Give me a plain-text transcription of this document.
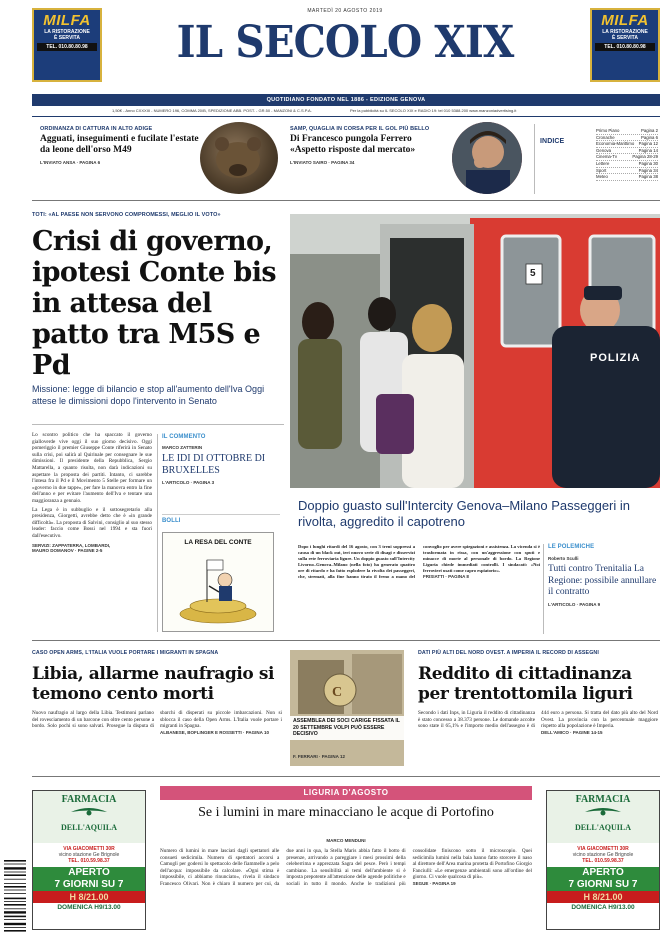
MILFA
LA RISTORAZIONE
È SERVITA
TEL. 010.80.80.98
MILFA
LA RISTORAZIONE
È SERVITA
TEL. 010.80.80.98
MARTEDÌ 20 AGOSTO 2019
IL SECOLO XIX
QUOTIDIANO FONDATO NEL 1886 - EDIZIONE GENOVA
1,50€ - Anno CXXXIII - NUMERO 196, COMMA 20/B, SPEDIZIONE ABB. POST. - GR.50 - MANZONI & C.S.P.A.	Per la pubblicità su IL SECOLO XIX e RADIO 19: tel 010 5388.200 www.manzoniadvertising.it
ORDINANZA DI CATTURA IN ALTO ADIGE
Agguati, inseguimenti e fucilate l'estate da leone dell'orso M49
L'INVIATO ANSA · PAGINA 6
SAMP, QUAGLIA IN CORSA PER IL GOL PIÙ BELLO
Di Francesco pungola Ferrero «Aspetto risposte dal mercato»
L'INVIATO SAIRO · PAGINA 34
INDICE
Primo Piano	Pagina 2
Cronache	Pagina 6
Economia-Marittimo Pagina 12
Genova	Pagina 14
Cinema-Tv	Pagina 28-29
Lettere	Pagina 30
Sport	Pagina 34
Meteo	Pagina 38
TOTI: «AL PAESE NON SERVONO COMPROMESSI, MEGLIO IL VOTO»
Crisi di governo, ipotesi Conte bis in attesa del patto tra M5S e Pd
Missione: legge di bilancio e stop all'aumento dell'Iva Oggi attese le dimissioni dopo l'intervento in Senato
Lo scontro politico che ha spaccato il governo gialloverde vive oggi il suo giorno decisivo. Oggi pomeriggio il premier Giuseppe Conte riferirà in Senato sulla crisi, poi salirà al Quirinale per consegnare le sue dimissioni. Il presidente della Repubblica, Sergio Mattarella, a quanto risulta, non darà indicazioni su aspettare la proposta dei partiti. Intanto, ci sarebbe l'intesa fra il Pd e il Movimento 5 Stelle per formare un «governo in due tappe», per fare la manovra entro la fine dell'anno e per evitare l'aumento dell'Iva e tentare una maggioranza a gennaio.
La Lega è in subbuglio e il sottosegretario alla presidenza, Giorgetti, avrebbe detto che è «in grande difficoltà». La proposta di Salvini, consiglio al suo stesso leader: faccio come Bossi nel 1994 e sta fuori dall'esecutivo.
SERVIZI: ZAPPATERRA, LOMBARDI,
MAURO DOMANOV · PAGINE 2-5
IL COMMENTO
MARCO ZATTERIN
LE IDI DI OTTOBRE DI BRUXELLES
L'ARTICOLO · PAGINA 3
BOLLI
LA RESA DEL CONTE
POLIZIA
5
Doppio guasto sull'Intercity Genova–Milano Passeggeri in rivolta, aggredito il capotreno
Dopo i lunghi ritardi del 16 agosto, con 3 treni soppressi a causa di un black out, ieri nuovo serie di disagi e disservizi sulla rete ferroviaria ligure. Un doppio guasto sull'Intercity Livorno–Genova–Milano (nella foto) ha generato quattro ore di ritardo e ha fatto esplodere la rivolta dei passeggeri, che, stremati, alla fine hanno tirato il freno a mano del convoglio per avere spiegazioni e assistenza. La vicenda si è trasformata in rissa, con un'aggressione con sputi e minacce di morte al personale di bordo. La Regione Liguria chiede immediati controlli. I sindacati: «Noi ferrovieri usati come capro espiatorio».
FRISIATTI · PAGINA 8
LE POLEMICHE
Roberto Sculli
Tutti contro Trenitalia La Regione: possibile annullare il contratto
L'ARTICOLO · PAGINA 9
CASO OPEN ARMS, L'ITALIA VUOLE PORTARE I MIGRANTI IN SPAGNA
Libia, allarme naufragio si temono cento morti
Nuovo naufragio al largo della Libia. Testimoni parlano del rovesciamento di un barcone con oltre cento persone a bordo. Solo pochi si sono salvati. Prosegue la disputa di sbarchi di disperati su piccole imbarcazioni. Non si sblocca il caso della Open Arms. L'Italia vuole portare i migranti in Spagna.
ALBANESE, BOFLINGER E ROSSETTI · PAGINA 10
C
ASSEMBLEA DEI SOCI CARIGE FISSATA IL 20 SETTEMBRE VOLPI PUÒ ESSERE DECISIVO
F. FERRARI · PAGINA 12
DATI PIÙ ALTI DEL NORD OVEST. A IMPERIA IL RECORD DI ASSEGNI
Reddito di cittadinanza per trentottomila liguri
Secondo i dati Inps, in Liguria il reddito di cittadinanza è stato concesso a 38.373 persone. Le domande accolte sono state il 65,1% e l'importo medio dell'assegno è di 444 euro a persona. Si tratta del dato più alto del Nord Ovest. La provincia con la percentuale maggiore rispetto alla popolazione è Imperia.
DELL'AMICO · PAGINE 14-15
FARMACIA
DELL'AQUILA
VIA GIACOMETTI 30R
vicino stazione Ge Brignole
TEL. 010.59.98.37
APERTO
7 GIORNI SU 7
H 8/21.00
DOMENICA H9/13.00
FARMACIA
DELL'AQUILA
VIA GIACOMETTI 30R
vicino stazione Ge Brignole
TEL. 010.59.98.37
APERTO
7 GIORNI SU 7
H 8/21.00
DOMENICA H9/13.00
LIGURIA D'AGOSTO
Se i lumini in mare minacciano le acque di Portofino
MARCO MENDUNI
Numero di lumini in mare lasciati dagli spettatori alle consueti sedicimila. Numero di spettatori accorsi a Camogli per godersi lo spettacolo delle fiammelle a pelo dell'acqua: impossibile da calcolare. «Ogni stima è impossibile, ci abbiamo rinunciato», rivela il sindaco Francesco Olivari. Non è chiaro il numero per cui, da due anni in qua, la Stella Maris abbia fatto il botto di presenze, arrivando a pareggiare i mesi prossimi della celeberrima e apprezzata Sagra del pesce. Però i tempi cambiano. La sensibilità ai temi dell'ambiente si è imposta prepotente all'attenzione delle agende politiche e sociali in tutto il mondo. Anche le tradizioni più consolidate finiscono sotto il microscopio. Quei sedicimila lumini nella baia hanno fatto storcere il naso al direttore dell'Area marina protetta di Portofino Giorgio Fanciulli: «Le emergenze ambientali sono all'ordine del giorno. Ci vuole qualcosa di più».
SEGUE · PAGINA 19
